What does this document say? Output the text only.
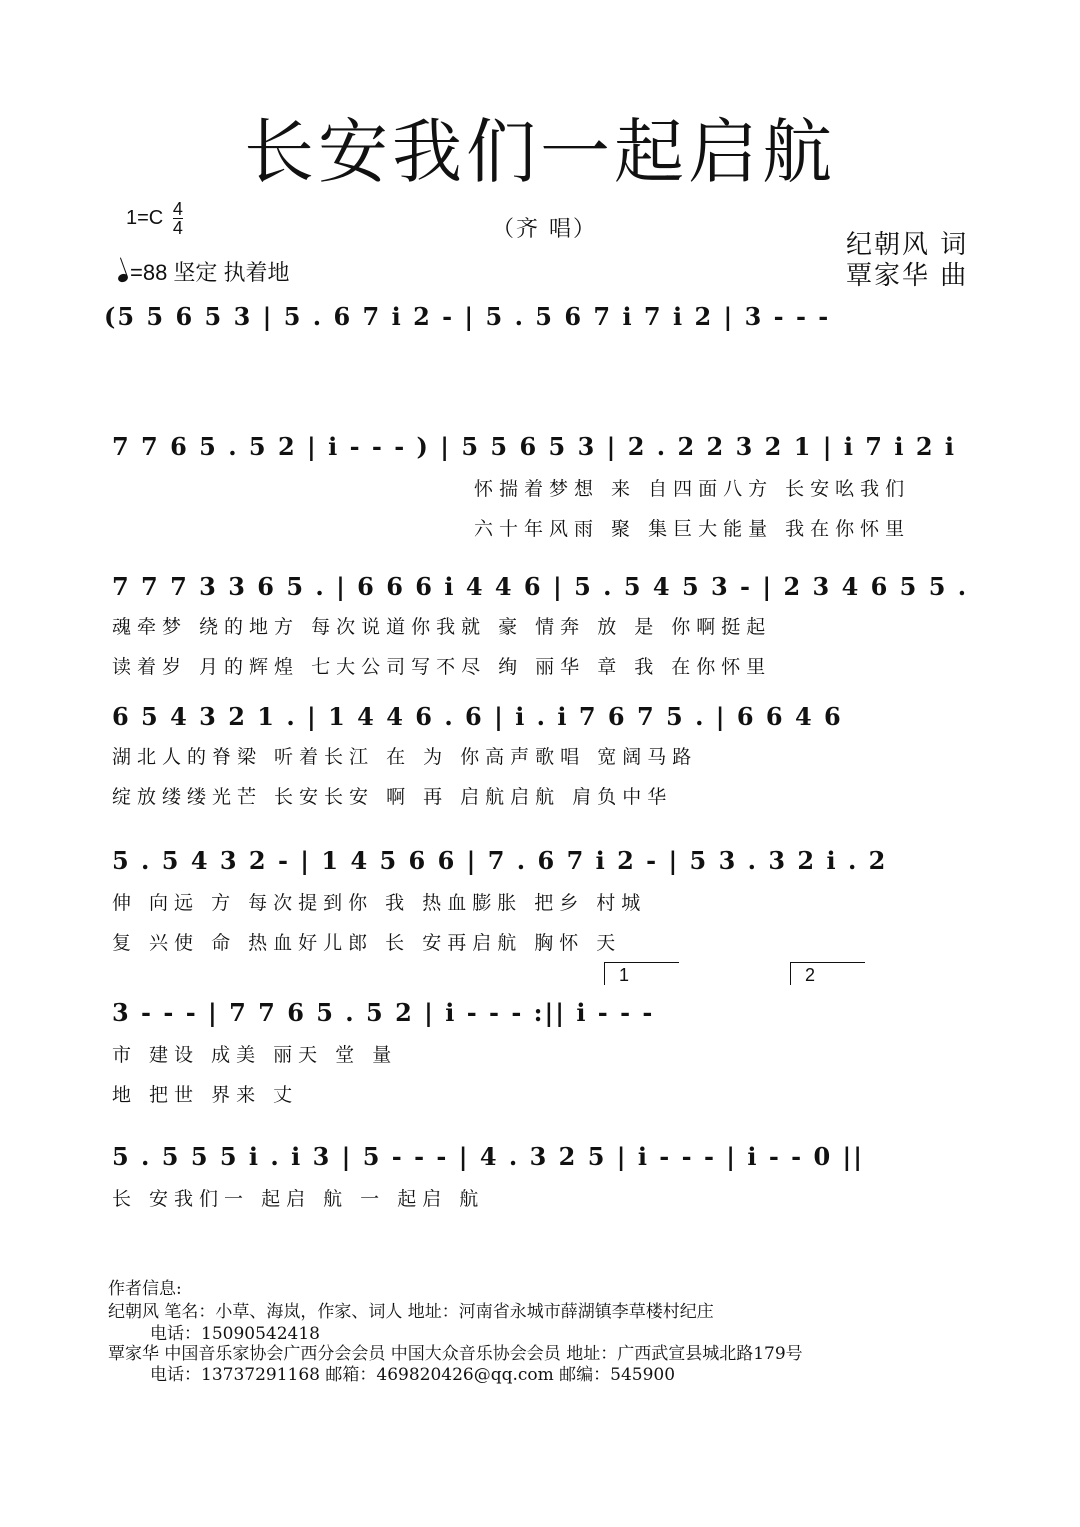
长安我们一起启航
$1=C \frac{4}{4}$
=88 坚定 执着地
（齐 唱）
纪朝风 词
覃家华 曲
(5 5 6 5 3 | 5 . 6 7 i 2 - | 5 . 5 6 7 i 7 i 2 | 3 - - -
7 7 6 5 . 5 2 | i - - - ) | 5 5 6 5 3 | 2 . 2 2 3 2 1 | i 7 i 2 i
怀揣着梦想 来 自四面八方 长安吆我们
六十年风雨 聚 集巨大能量 我在你怀里
7 7 7 3 3 6 5 . | 6 6 6 i 4 4 6 | 5 . 5 4 5 3 - | 2 3 4 6 5 5 .
魂牵梦 绕的地方 每次说道你我就 豪 情奔 放 是 你啊挺起
读着岁 月的辉煌 七大公司写不尽 绚 丽华 章 我 在你怀里
6 5 4 3 2 1 . | 1 4 4 6 . 6 | i . i 7 6 7 5 . | 6 6 4 6
湖北人的脊梁 听着长江 在 为 你高声歌唱 宽阔马路
绽放缕缕光芒 长安长安 啊 再 启航启航 肩负中华
5 . 5 4 3 2 - | 1 4 5 6 6 | 7 . 6 7 i 2 - | 5 3 . 3 2 i . 2
伸 向远 方 每次提到你 我 热血膨胀 把乡 村城
复 兴使 命 热血好儿郎 长 安再启航 胸怀 天
1	2
3 - - - | 7 7 6 5 . 5 2 | i - - - :|| i - - -
市 建设 成美 丽天 堂 量
地 把世 界来 丈
5 . 5 5 5 i . i 3 | 5 - - - | 4 . 3 2 5 | i - - - | i - - 0 ||
长 安我们一 起启 航 一 起启 航
作者信息:
纪朝风 笔名：小草、海岚，作家、词人 地址：河南省永城市薛湖镇李草楼村纪庄
电话：15090542418
覃家华 中国音乐家协会广西分会会员 中国大众音乐协会会员 地址：广西武宣县城北路179号
电话：13737291168 邮箱：469820426@qq.com 邮编：545900
